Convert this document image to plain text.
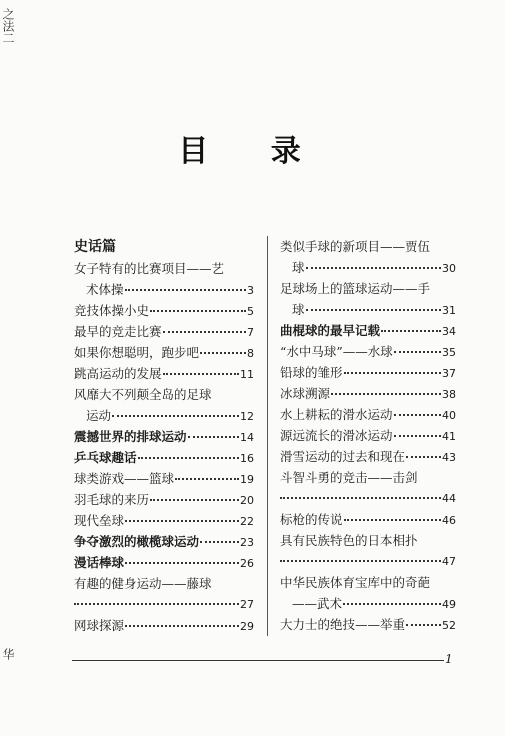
之法二
华
目 录
史话篇
女子特有的比赛项目——艺
术体操	3
竞技体操小史	5
最早的竞走比赛	7
如果你想聪明，跑步吧	8
跳高运动的发展	11
风靡大不列颠全岛的足球
运动	12
震撼世界的排球运动	14
乒乓球趣话	16
球类游戏——篮球	19
羽毛球的来历	20
现代垒球	22
争夺激烈的橄榄球运动	23
漫话棒球	26
有趣的健身运动——藤球
27
网球探源	29
类似手球的新项目——贾伍
球	30
足球场上的篮球运动——手
球	31
曲棍球的最早记载	34
“水中马球”——水球	35
铅球的雏形	37
冰球溯源	38
水上耕耘的滑水运动	40
源远流长的滑冰运动	41
滑雪运动的过去和现在	43
斗智斗勇的竞击——击剑
44
标枪的传说	46
具有民族特色的日本相扑
47
中华民族体育宝库中的奇葩
——武术	49
大力士的绝技——举重	52
1
